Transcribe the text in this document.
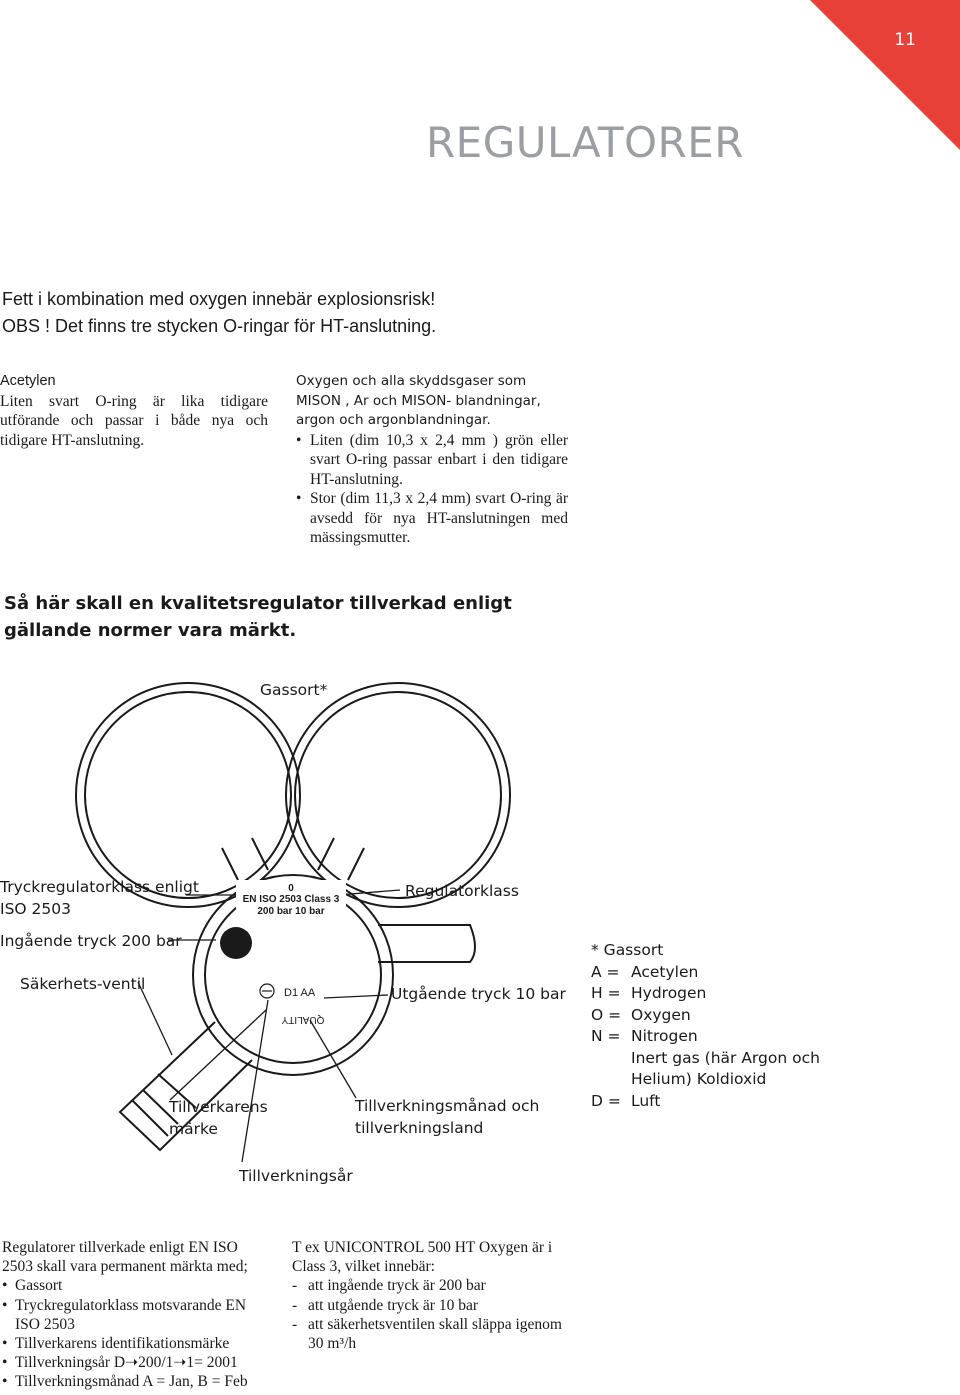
11
REGULATORER
Fett i kombination med oxygen innebär explosionsrisk!
OBS ! Det finns tre stycken O-ringar för HT-anslutning.
Acetylen
Liten svart O-ring är lika tidigare utförande och passar i både nya och tidigare HT-anslutning.
Oxygen och alla skyddsgaser som MISON , Ar och MISON- blandningar, argon och argonblandningar.
• Liten (dim 10,3 x 2,4 mm ) grön eller svart O-ring passar enbart i den tidigare HT-anslutning.
• Stor (dim 11,3 x 2,4 mm) svart O-ring är avsedd för nya HT-anslutningen med mässingsmutter.
Så här skall en kvalitetsregulator tillverkad enligt gällande normer vara märkt.
0
EN ISO 2503 Class 3
200 bar 10 bar
D1 AA
QUALITY
Gassort*
Tryckregulatorklass enligt
ISO 2503
Ingående tryck 200 bar
Säkerhets-ventil
Regulatorklass
Utgående tryck 10 bar
Tillverkarens
märke
Tillverkningsmånad och
tillverkningsland
Tillverkningsår
* Gassort
A = Acetylen
H = Hydrogen
O = Oxygen
N = Nitrogen
Inert gas (här Argon och
Helium) Koldioxid
D = Luft
Regulatorer tillverkade enligt EN ISO 2503 skall vara permanent märkta med;
• Gassort
• Tryckregulatorklass motsvarande EN ISO 2503
• Tillverkarens identifikationsmärke
• Tillverkningsår D➝200/1➝1= 2001
• Tillverkningsmånad A = Jan, B = Feb
T ex UNICONTROL 500 HT Oxygen är i Class 3, vilket innebär:
- att ingående tryck är 200 bar
- att utgående tryck är 10 bar
- att säkerhetsventilen skall släppa igenom 30 m³/h
